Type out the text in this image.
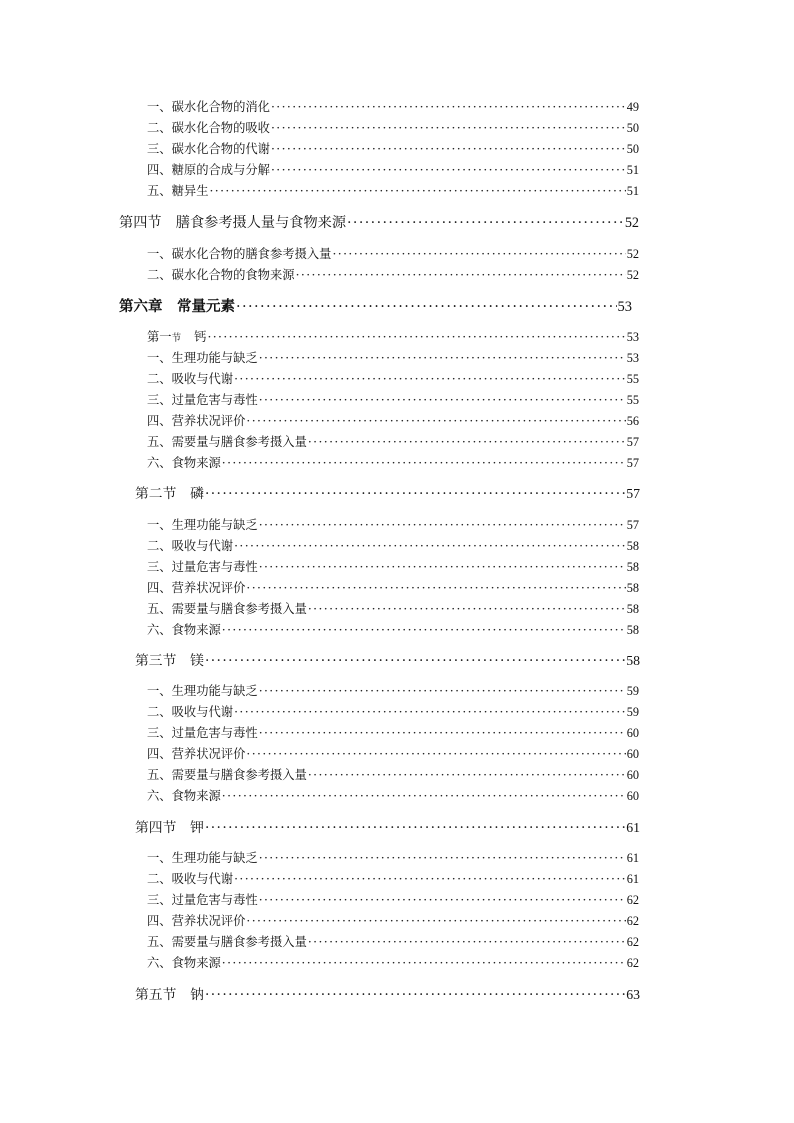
一、碳水化合物的消化 ·····	49
二、碳水化合物的吸收 ·····	50
三、碳水化合物的代谢 ·····	50
四、糖原的合成与分解 ·····	51
五、糖异生 ·····	51
第四节　膳食参考摄人量与食物来源 ·····	52
一、碳水化合物的膳食参考摄入量 ·····	52
二、碳水化合物的食物来源 ·····	52
第六章　常量元素 ·····	53
第一节 钙 ·····	53
一、生理功能与缺乏 ·····	53
二、吸收与代谢 ·····	55
三、过量危害与毒性 ·····	55
四、营养状况评价 ·····	56
五、需要量与膳食参考摄入量 ·····	57
六、食物来源 ·····	57
第二节　磷 ·····	57
一、生理功能与缺乏 ·····	57
二、吸收与代谢 ·····	58
三、过量危害与毒性 ·····	58
四、营养状况评价 ·····	58
五、需要量与膳食参考摄入量 ·····	58
六、食物来源 ·····	58
第三节　镁 ·····	58
一、生理功能与缺乏 ·····	59
二、吸收与代谢 ·····	59
三、过量危害与毒性 ·····	60
四、营养状况评价 ·····	60
五、需要量与膳食参考摄入量 ·····	60
六、食物来源 ·····	60
第四节　钾 ·····	61
一、生理功能与缺乏 ·····	61
二、吸收与代谢 ·····	61
三、过量危害与毒性 ·····	62
四、营养状况评价 ·····	62
五、需要量与膳食参考摄入量 ·····	62
六、食物来源 ·····	62
第五节　钠 ·····	63
